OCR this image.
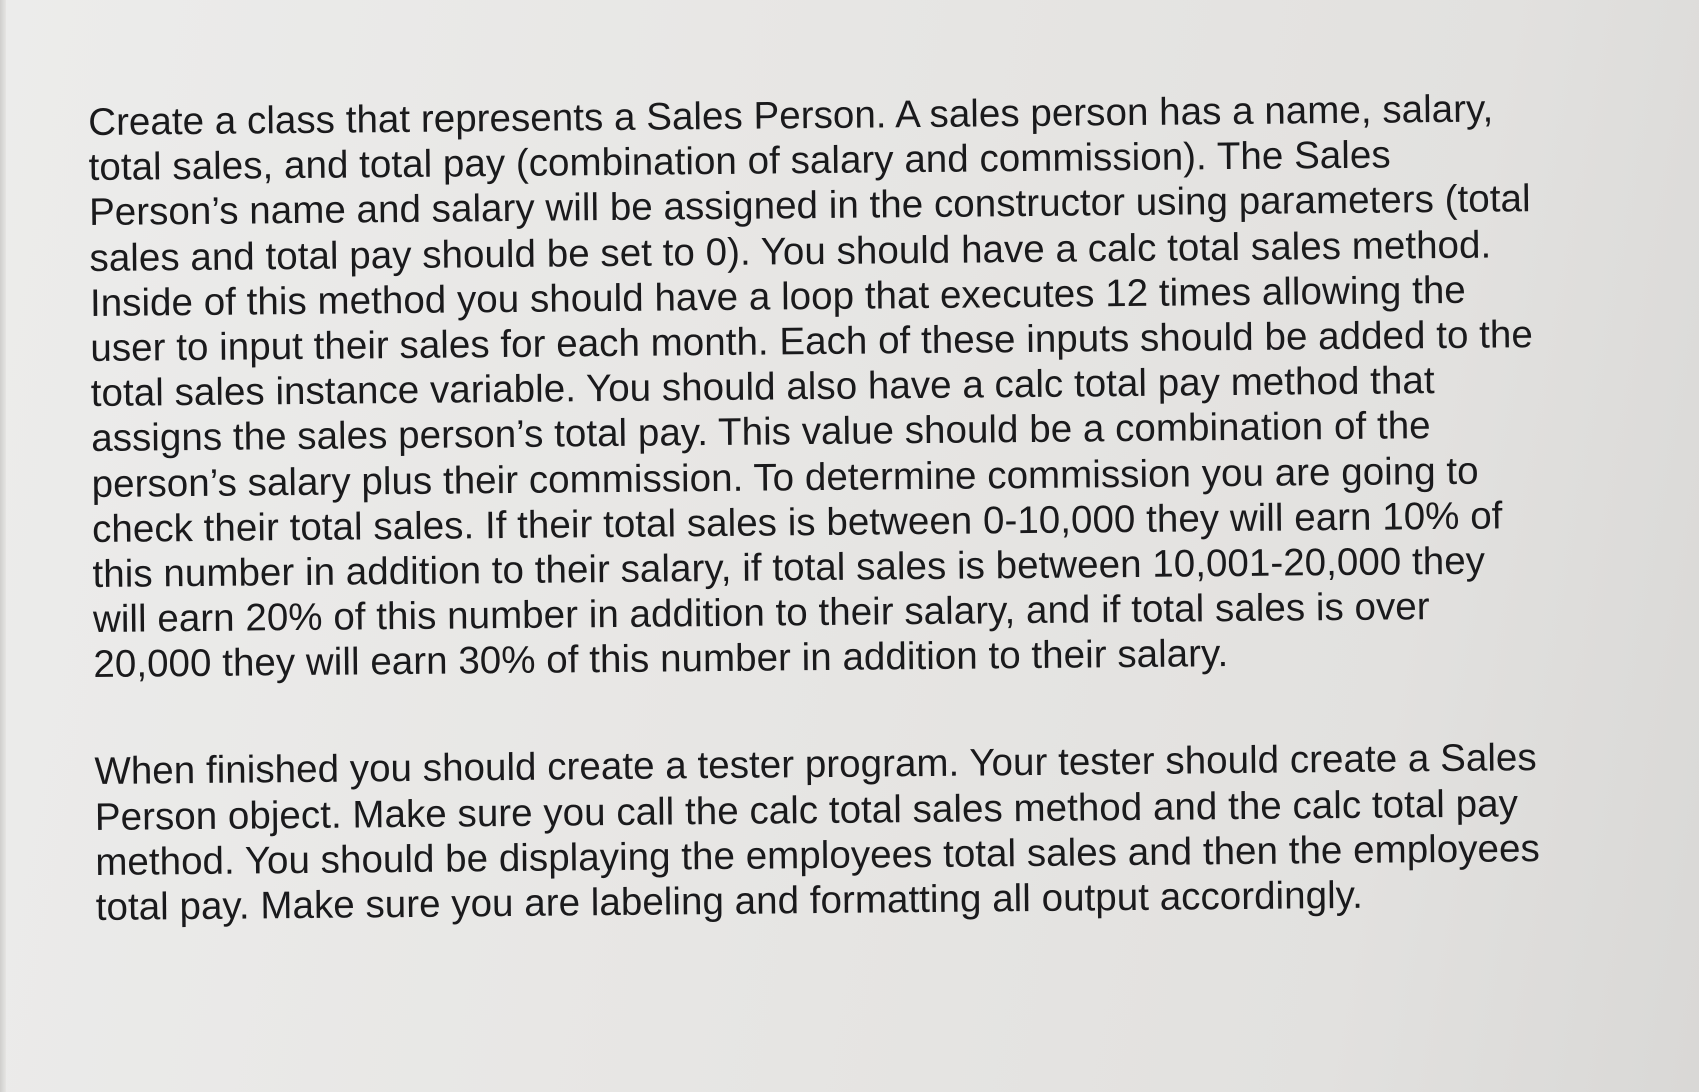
Create a class that represents a Sales Person. A sales person has a name, salary,
total sales, and total pay (combination of salary and commission). The Sales
Person’s name and salary will be assigned in the constructor using parameters (total
sales and total pay should be set to 0). You should have a calc total sales method.
Inside of this method you should have a loop that executes 12 times allowing the
user to input their sales for each month. Each of these inputs should be added to the
total sales instance variable. You should also have a calc total pay method that
assigns the sales person’s total pay. This value should be a combination of the
person’s salary plus their commission. To determine commission you are going to
check their total sales. If their total sales is between 0-10,000 they will earn 10% of
this number in addition to their salary, if total sales is between 10,001-20,000 they
will earn 20% of this number in addition to their salary, and if total sales is over
20,000 they will earn 30% of this number in addition to their salary.
When finished you should create a tester program. Your tester should create a Sales
Person object. Make sure you call the calc total sales method and the calc total pay
method. You should be displaying the employees total sales and then the employees
total pay. Make sure you are labeling and formatting all output accordingly.
